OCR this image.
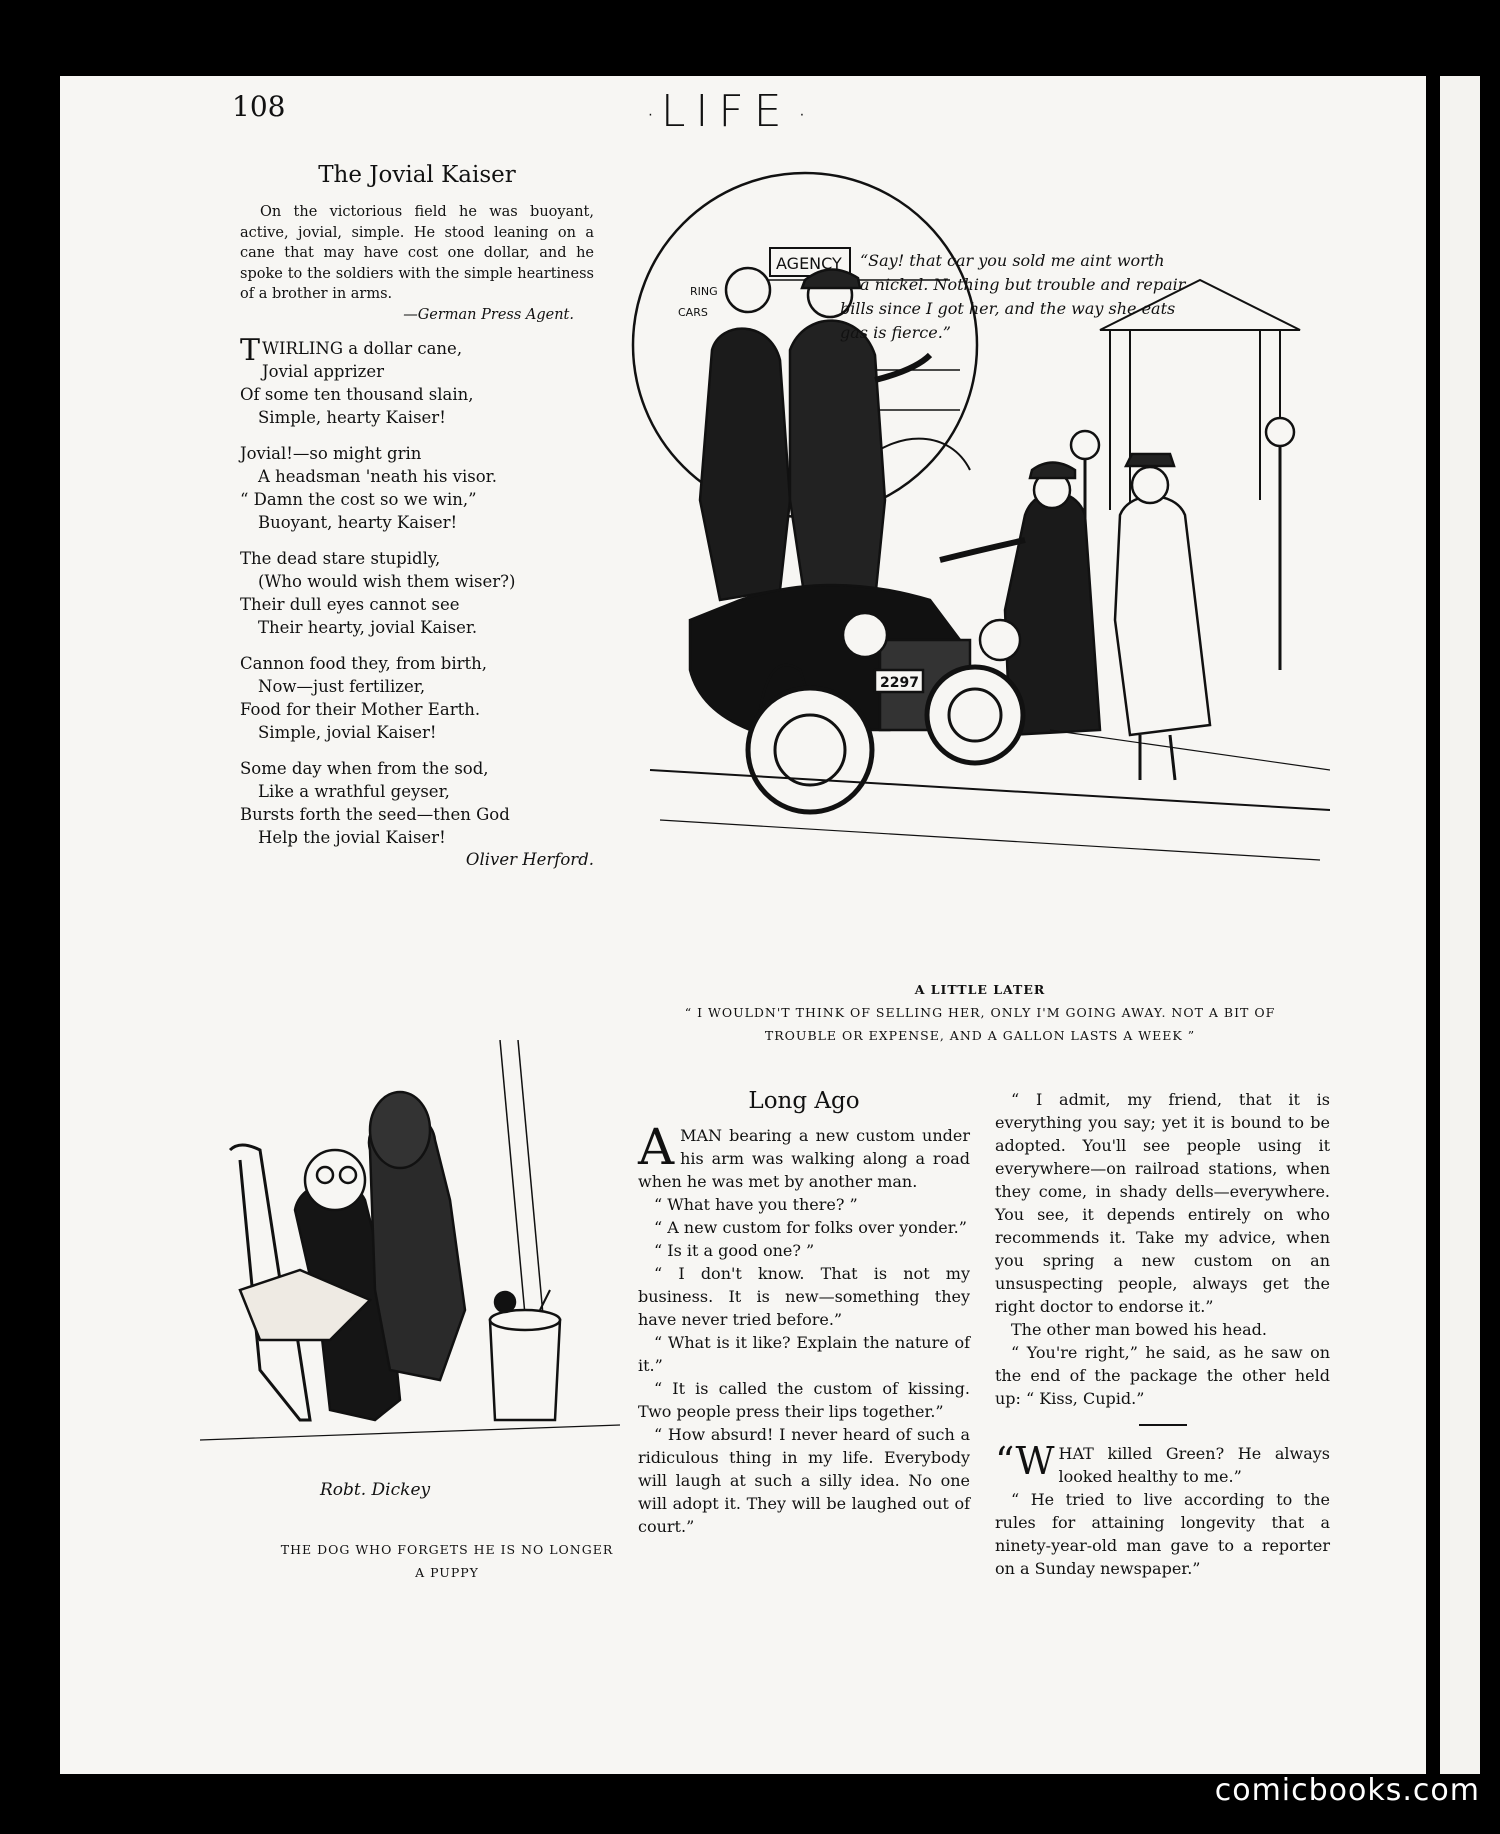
108	· LIFE ·
The Jovial Kaiser

On the victorious field he was buoyant, active, jovial, simple. He stood leaning on a cane that may have cost one dollar, and he spoke to the soldiers with the simple heartiness of a brother in arms.

—German Press Agent.
TWIRLING a dollar cane,
Jovial apprizer
Of some ten thousand slain,
Simple, hearty Kaiser!
Jovial!—so might grin
A headsman 'neath his visor.
“ Damn the cost so we win,”
Buoyant, hearty Kaiser!
The dead stare stupidly,
(Who would wish them wiser?)
Their dull eyes cannot see
Their hearty, jovial Kaiser.
Cannon food they, from birth,
Now—just fertilizer,
Food for their Mother Earth.
Simple, jovial Kaiser!
Some day when from the sod,
Like a wrathful geyser,
Bursts forth the seed—then God
Help the jovial Kaiser!
Oliver Herford.
“Say! that car you sold me aint worth
a nickel. Nothing but trouble and repair
bills since I got her, and the way she eats
gas is fierce.”
AGENCY
RING
CARS
2297
A LITTLE LATER
“ I WOULDN'T THINK OF SELLING HER, ONLY I'M GOING AWAY. NOT A BIT OF
TROUBLE OR EXPENSE, AND A GALLON LASTS A WEEK ”
Robt. Dickey
THE DOG WHO FORGETS HE IS NO LONGER
A PUPPY
Long Ago

AMAN bearing a new custom under his arm was walking along a road when he was met by another man.

“ What have you there? ”

“ A new custom for folks over yonder.”

“ Is it a good one? ”

“ I don't know. That is not my business. It is new—something they have never tried before.”

“ What is it like? Explain the nature of it.”

“ It is called the custom of kissing. Two people press their lips together.”

“ How absurd! I never heard of such a ridiculous thing in my life. Everybody will laugh at such a silly idea. No one will adopt it. They will be laughed out of court.”

“ I admit, my friend, that it is everything you say; yet it is bound to be adopted. You'll see people using it everywhere—on railroad stations, when they come, in shady dells—everywhere. You see, it depends entirely on who recommends it. Take my advice, when you spring a new custom on an unsuspecting people, always get the right doctor to endorse it.”

The other man bowed his head.

“ You're right,” he said, as he saw on the end of the package the other held up: “ Kiss, Cupid.”

“W HAT killed Green? He always looked healthy to me.”

“ He tried to live according to the rules for attaining longevity that a ninety-year-old man gave to a reporter on a Sunday newspaper.”

comicbooks.com
